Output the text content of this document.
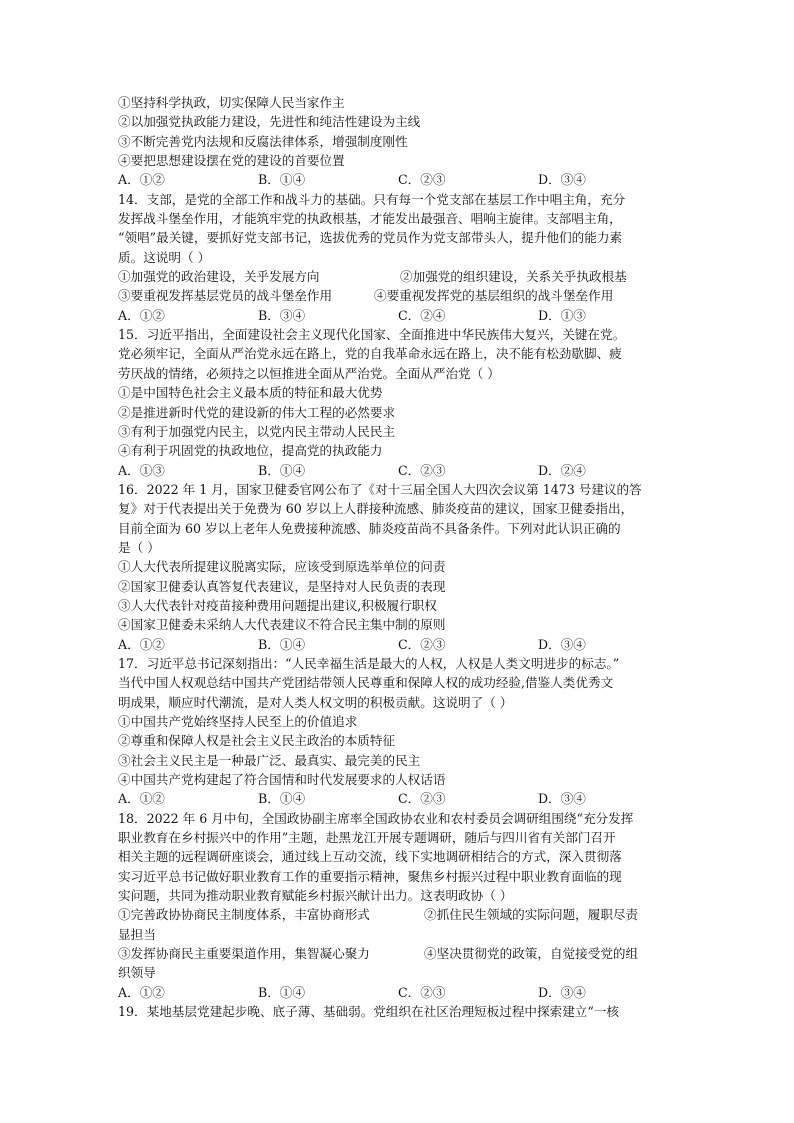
①坚持科学执政，切实保障人民当家作主
②以加强党执政能力建设，先进性和纯洁性建设为主线
③不断完善党内法规和反腐法律体系，增强制度刚性
④要把思想建设摆在党的建设的首要位置
A．①②	B．①④	C．②③	D．③④
14．支部，是党的全部工作和战斗力的基础。只有每一个党支部在基层工作中唱主角，充分
发挥战斗堡垒作用，才能筑牢党的执政根基，才能发出最强音、唱响主旋律。支部唱主角，
“领唱”最关键，要抓好党支部书记，选拔优秀的党员作为党支部带头人，提升他们的能力素
质。这说明（ ）
①加强党的政治建设，关乎发展方向	②加强党的组织建设，关系关乎执政根基
③要重视发挥基层党员的战斗堡垒作用	④要重视发挥党的基层组织的战斗堡垒作用
A．①②	B．③④	C．②④	D．①③
15．习近平指出，全面建设社会主义现代化国家、全面推进中华民族伟大复兴，关键在党。
党必须牢记，全面从严治党永远在路上，党的自我革命永远在路上，决不能有松劲歇脚、疲
劳厌战的情绪，必须持之以恒推进全面从严治党。全面从严治党（ ）
①是中国特色社会主义最本质的特征和最大优势
②是推进新时代党的建设新的伟大工程的必然要求
③有利于加强党内民主，以党内民主带动人民民主
④有利于巩固党的执政地位，提高党的执政能力
A．①③	B．①④	C．②③	D．②④
16．2022 年 1 月，国家卫健委官网公布了《对十三届全国人大四次会议第 1473 号建议的答
复》对于代表提出关于免费为 60 岁以上人群接种流感、肺炎疫苗的建议，国家卫健委指出，
目前全面为 60 岁以上老年人免费接种流感、肺炎疫苗尚不具备条件。下列对此认识正确的
是（ ）
①人大代表所提建议脱离实际，应该受到原选举单位的问责
②国家卫健委认真答复代表建议，是坚持对人民负责的表现
③人大代表针对疫苗接种费用问题提出建议,积极履行职权
④国家卫健委未采纳人大代表建议不符合民主集中制的原则
A．①②	B．①④	C．②③	D．③④
17．习近平总书记深刻指出：“人民幸福生活是最大的人权，人权是人类文明进步的标志。”
当代中国人权观总结中国共产党团结带领人民尊重和保障人权的成功经验,借鉴人类优秀文
明成果，顺应时代潮流，是对人类人权文明的积极贡献。这说明了（ ）
①中国共产党始终坚持人民至上的价值追求
②尊重和保障人权是社会主义民主政治的本质特征
③社会主义民主是一种最广泛、最真实、最完美的民主
④中国共产党构建起了符合国情和时代发展要求的人权话语
A．①②	B．①④	C．②③	D．③④
18．2022 年 6 月中旬，全国政协副主席率全国政协农业和农村委员会调研组围绕“充分发挥
职业教育在乡村振兴中的作用”主题，赴黑龙江开展专题调研，随后与四川省有关部门召开
相关主题的远程调研座谈会，通过线上互动交流，线下实地调研相结合的方式，深入贯彻落
实习近平总书记做好职业教育工作的重要指示精神，聚焦乡村振兴过程中职业教育面临的现
实问题，共同为推动职业教育赋能乡村振兴献计出力。这表明政协（ ）
①完善政协协商民主制度体系，丰富协商形式	②抓住民生领域的实际问题，履职尽责
显担当
③发挥协商民主重要渠道作用，集智凝心聚力	④坚决贯彻党的政策，自觉接受党的组
织领导
A．①②	B．①④	C．②③	D．③④
19．某地基层党建起步晚、底子薄、基础弱。党组织在社区治理短板过程中探索建立“一核
